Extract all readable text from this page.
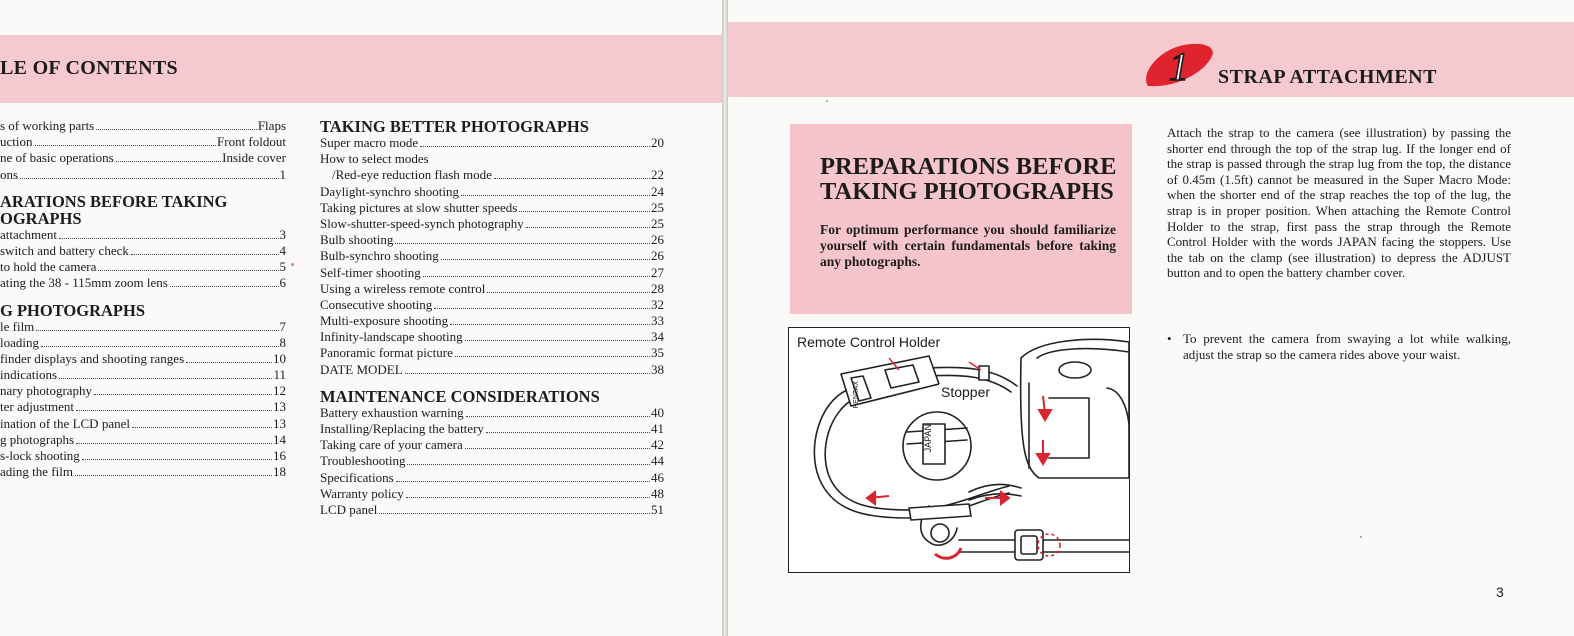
LE OF CONTENTS
s of working parts	Flaps
uction	Front foldout
ne of basic operations	Inside cover
ons	1
ARATIONS BEFORE TAKING OGRAPHS
attachment	3
switch and battery check	4
to hold the camera	5
ating the 38 - 115mm zoom lens	6
G PHOTOGRAPHS
le film	7
loading	8
finder displays and shooting ranges	10
indications	11
nary photography	12
ter adjustment	13
ination of the LCD panel	13
g photographs	14
s-lock shooting	16
ading the film	18
TAKING BETTER PHOTOGRAPHS
Super macro mode	20
How to select modes
/Red-eye reduction flash mode	22
Daylight-synchro shooting	24
Taking pictures at slow shutter speeds	25
Slow-shutter-speed-synch photography	25
Bulb shooting	26
Bulb-synchro shooting	26
Self-timer shooting	27
Using a wireless remote control	28
Consecutive shooting	32
Multi-exposure shooting	33
Infinity-landscape shooting	34
Panoramic format picture	35
DATE MODEL	38
MAINTENANCE CONSIDERATIONS
Battery exhaustion warning	40
Installing/Replacing the battery	41
Taking care of your camera	42
Troubleshooting	44
Specifications	46
Warranty policy	48
LCD panel	51
1 STRAP ATTACHMENT
PREPARATIONS BEFORE TAKING PHOTOGRAPHS
For optimum performance you should familiarize yourself with certain fundamentals before taking any photographs.
Remote Control Holder
Stopper
JAPAN
PENTAX
Attach the strap to the camera (see illustration) by passing the shorter end through the top of the strap lug. If the longer end of the strap is passed through the strap lug from the top, the distance of 0.45m (1.5ft) cannot be measured in the Super Macro Mode: when the shorter end of the strap reaches the top of the lug, the strap is in proper position. When attaching the Remote Control Holder to the strap, first pass the strap through the Remote Control Holder with the words JAPAN facing the stoppers. Use the tab on the clamp (see illustration) to depress the ADJUST button and to open the battery chamber cover.
• To prevent the camera from swaying a lot while walking, adjust the strap so the camera rides above your waist.
3
